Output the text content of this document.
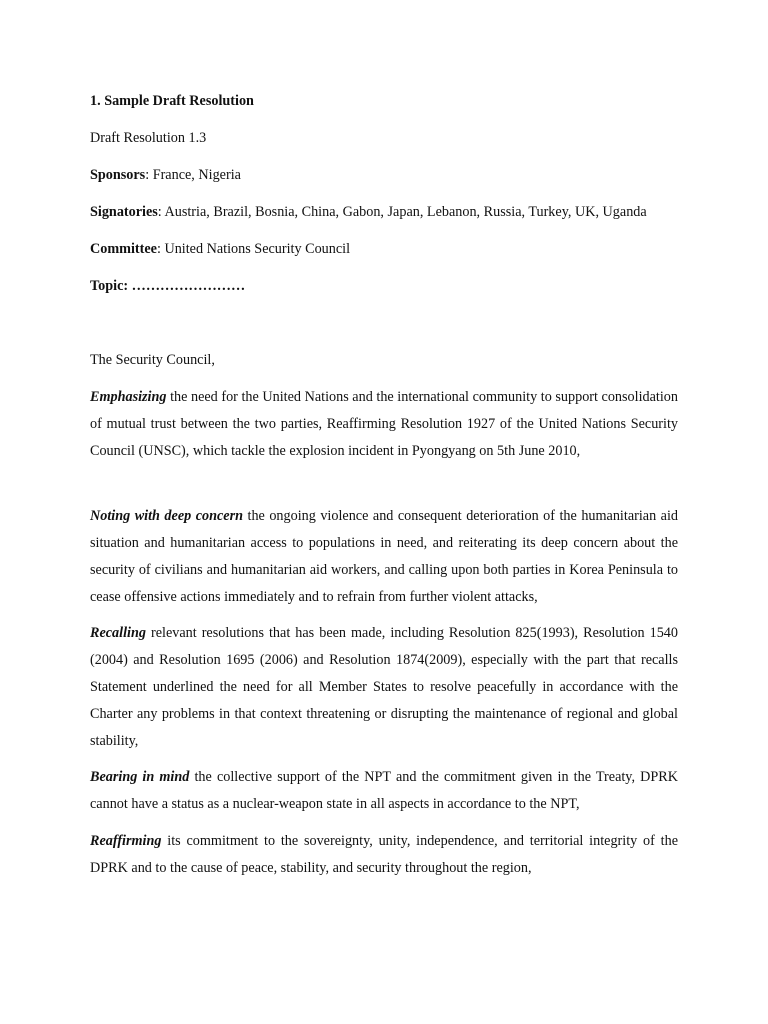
1. Sample Draft Resolution
Draft Resolution 1.3
Sponsors: France, Nigeria
Signatories: Austria, Brazil, Bosnia, China, Gabon, Japan, Lebanon, Russia, Turkey, UK, Uganda
Committee: United Nations Security Council
Topic: ……………………
The Security Council,
Emphasizing the need for the United Nations and the international community to support consolidation of mutual trust between the two parties, Reaffirming Resolution 1927 of the United Nations Security Council (UNSC), which tackle the explosion incident in Pyongyang on 5th June 2010,
Noting with deep concern the ongoing violence and consequent deterioration of the humanitarian aid situation and humanitarian access to populations in need, and reiterating its deep concern about the security of civilians and humanitarian aid workers, and calling upon both parties in Korea Peninsula to cease offensive actions immediately and to refrain from further violent attacks,
Recalling relevant resolutions that has been made, including Resolution 825(1993), Resolution 1540 (2004) and Resolution 1695 (2006) and Resolution 1874(2009), especially with the part that recalls Statement underlined the need for all Member States to resolve peacefully in accordance with the Charter any problems in that context threatening or disrupting the maintenance of regional and global stability,
Bearing in mind the collective support of the NPT and the commitment given in the Treaty, DPRK cannot have a status as a nuclear-weapon state in all aspects in accordance to the NPT,
Reaffirming its commitment to the sovereignty, unity, independence, and territorial integrity of the DPRK and to the cause of peace, stability, and security throughout the region,
